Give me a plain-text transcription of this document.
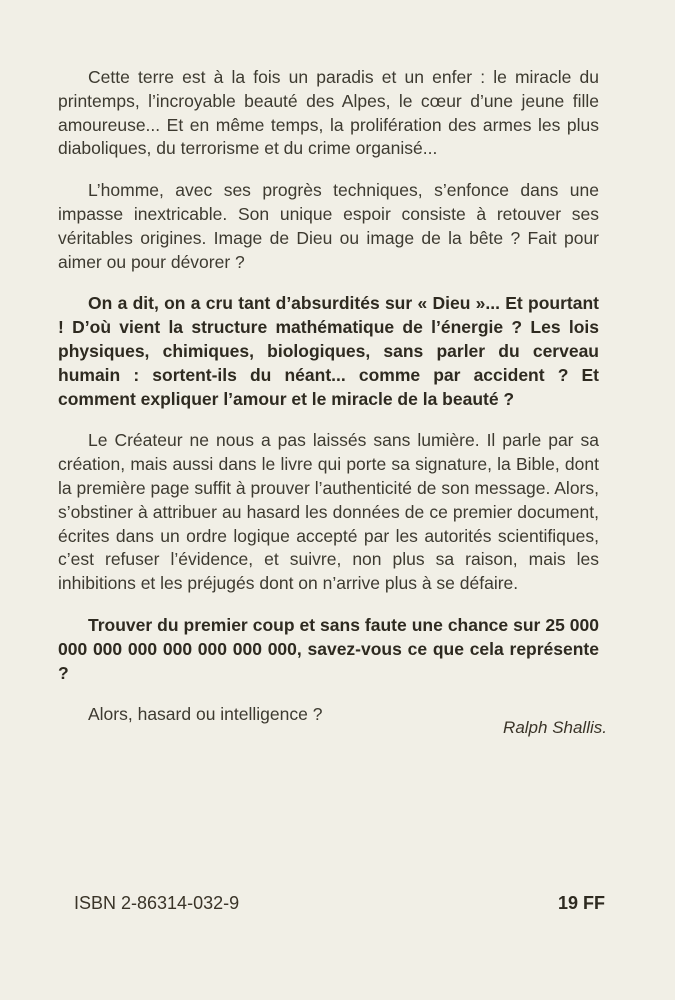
Cette terre est à la fois un paradis et un enfer : le miracle du printemps, l’incroyable beauté des Alpes, le cœur d’une jeune fille amoureuse... Et en même temps, la prolifération des armes les plus diaboliques, du terrorisme et du crime organisé...

L’homme, avec ses progrès techniques, s’enfonce dans une impasse inextricable. Son unique espoir consiste à retouver ses véritables origines. Image de Dieu ou image de la bête ? Fait pour aimer ou pour dévorer ?

On a dit, on a cru tant d’absurdités sur « Dieu »... Et pourtant ! D’où vient la structure mathématique de l’énergie ? Les lois physiques, chimiques, biologiques, sans parler du cerveau humain : sortent-ils du néant... comme par accident ? Et comment expliquer l’amour et le miracle de la beauté ?

Le Créateur ne nous a pas laissés sans lumière. Il parle par sa création, mais aussi dans le livre qui porte sa signature, la Bible, dont la première page suffit à prouver l’authenticité de son message. Alors, s’obstiner à attribuer au hasard les données de ce premier document, écrites dans un ordre logique accepté par les autorités scientifiques, c’est refuser l’évidence, et suivre, non plus sa raison, mais les inhibitions et les préjugés dont on n’arrive plus à se défaire.

Trouver du premier coup et sans faute une chance sur 25 000 000 000 000 000 000 000 000, savez-vous ce que cela représente ?

Alors, hasard ou intelligence ?

Ralph Shallis.
ISBN 2-86314-032-9	19 FF
